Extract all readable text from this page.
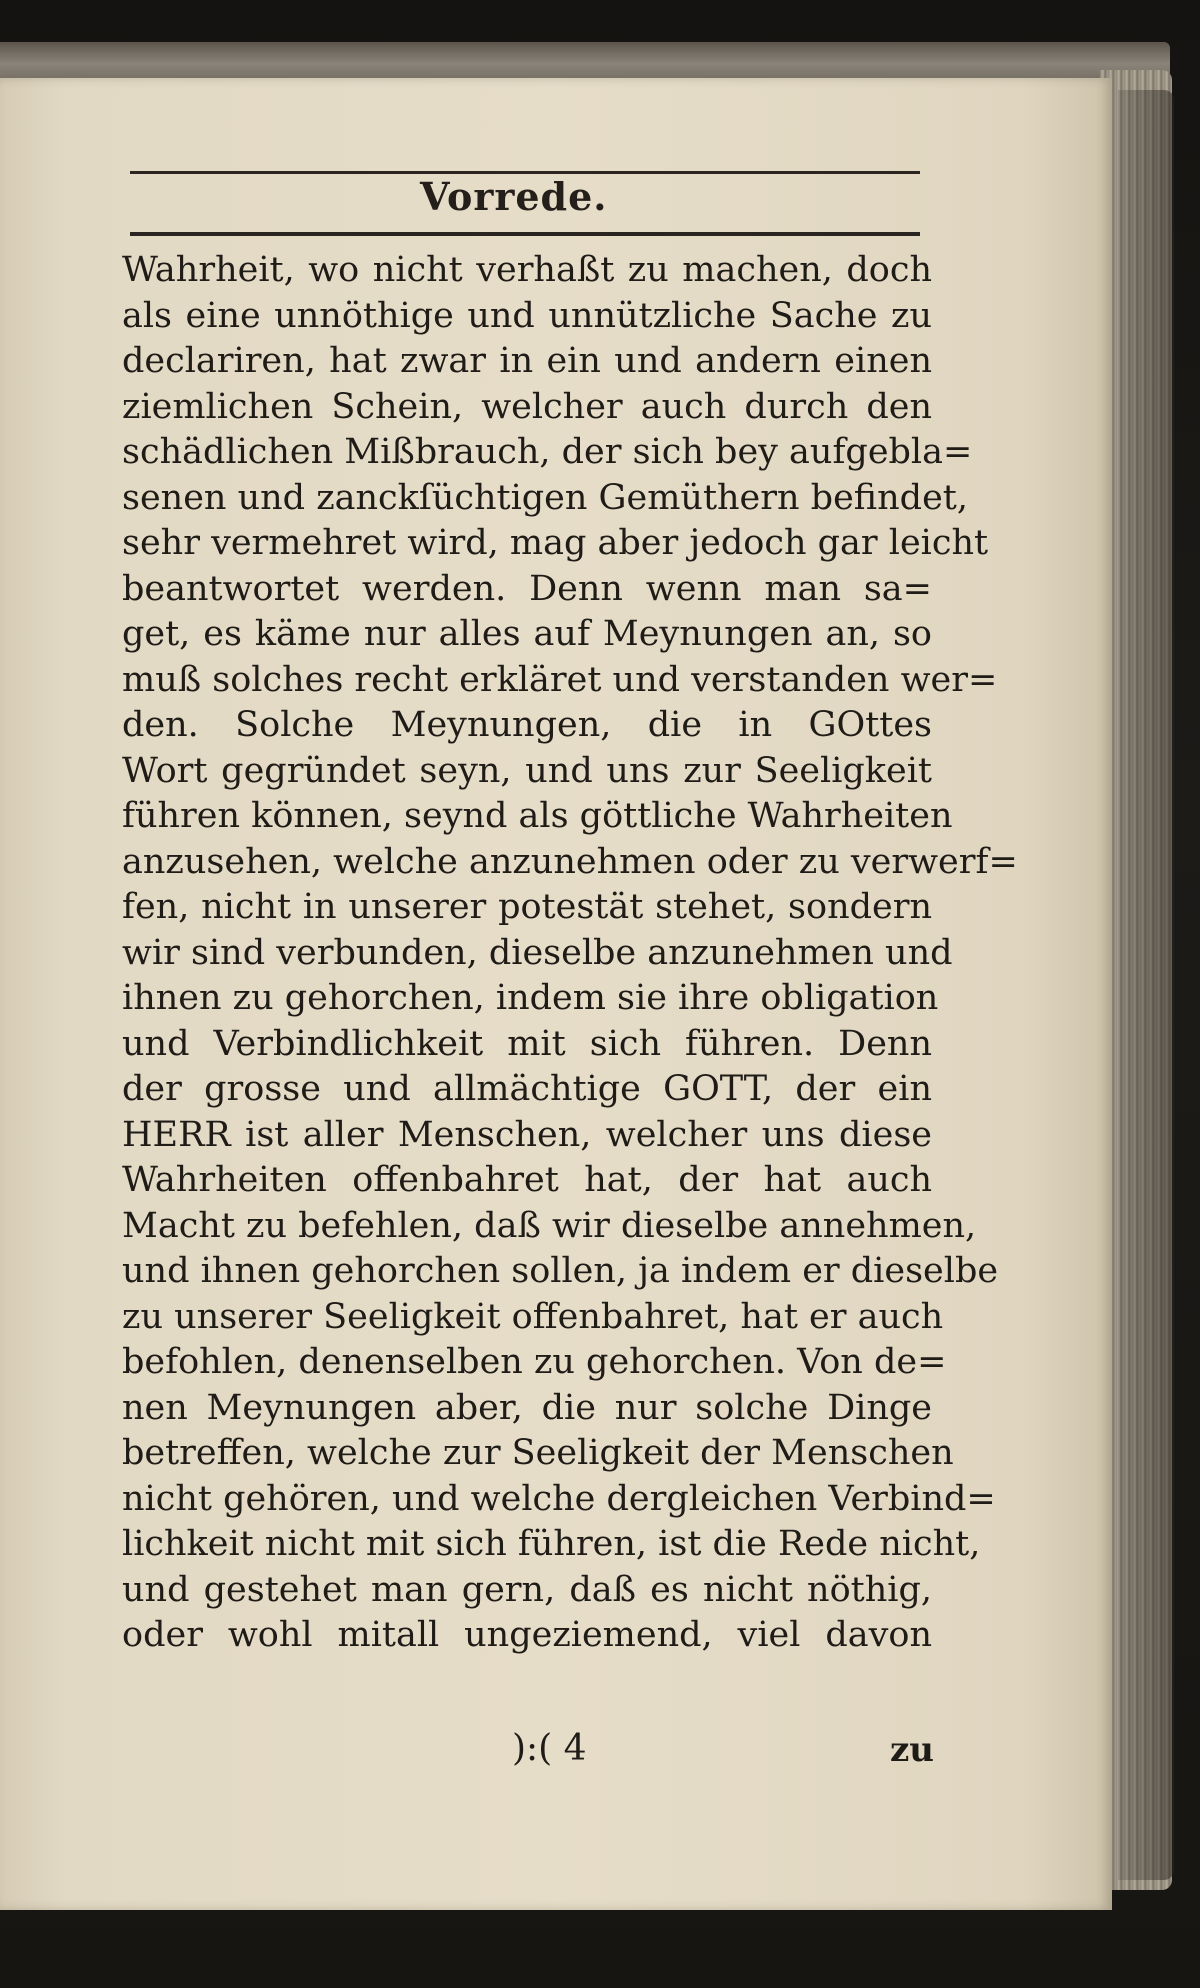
Vorrede.
Wahrheit, wo nicht verhaßt zu machen, doch
als eine unnöthige und unnützliche Sache zu
declariren, hat zwar in ein und andern einen
ziemlichen Schein, welcher auch durch den
schädlichen Mißbrauch, der sich bey aufgebla=
senen und zanckſüchtigen Gemüthern befindet,
sehr vermehret wird, mag aber jedoch gar leicht
beantwortet werden. Denn wenn man sa=
get, es käme nur alles auf Meynungen an, so
muß solches recht erkläret und verstanden wer=
den. Solche Meynungen, die in GOttes
Wort gegründet seyn, und uns zur Seeligkeit
führen können, seynd als göttliche Wahrheiten
anzusehen, welche anzunehmen oder zu verwerf=
fen, nicht in unserer potestät stehet, sondern
wir sind verbunden, dieselbe anzunehmen und
ihnen zu gehorchen, indem sie ihre obligation
und Verbindlichkeit mit sich führen. Denn
der grosse und allmächtige GOTT, der ein
HERR ist aller Menschen, welcher uns diese
Wahrheiten offenbahret hat, der hat auch
Macht zu befehlen, daß wir dieselbe annehmen,
und ihnen gehorchen sollen, ja indem er dieselbe
zu unserer Seeligkeit offenbahret, hat er auch
befohlen, denenselben zu gehorchen. Von de=
nen Meynungen aber, die nur solche Dinge
betreffen, welche zur Seeligkeit der Menschen
nicht gehören, und welche dergleichen Verbind=
lichkeit nicht mit sich führen, ist die Rede nicht,
und gestehet man gern, daß es nicht nöthig,
oder wohl mitall ungeziemend, viel davon
):( 4	zu
